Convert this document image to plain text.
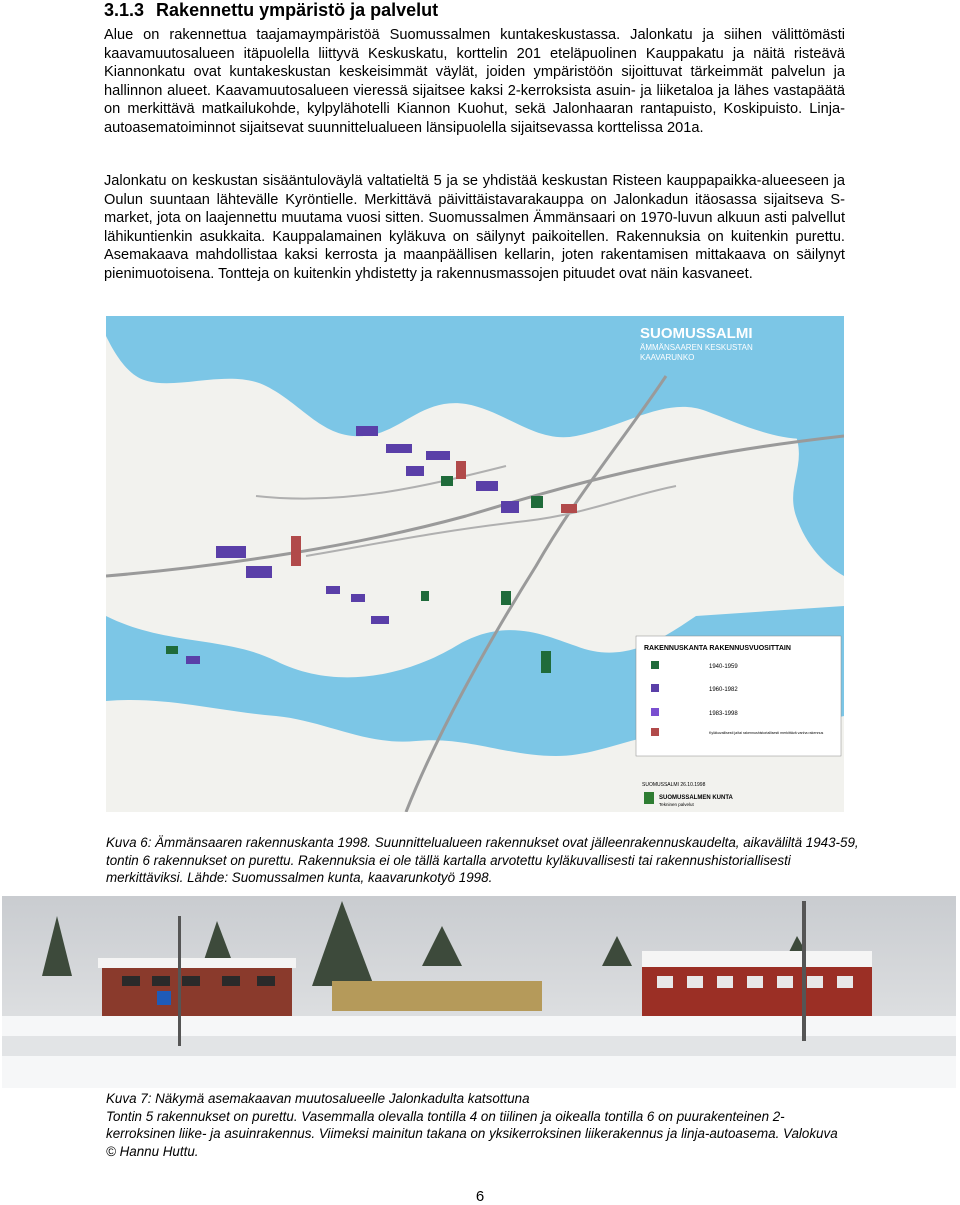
3.1.3 Rakennettu ympäristö ja palvelut

Alue on rakennettua taajamaympäristöä Suomussalmen kuntakeskustassa. Jalonkatu ja siihen välittömästi kaavamuutosalueen itäpuolella liittyvä Keskuskatu, korttelin 201 eteläpuolinen Kauppakatu ja näitä risteävä Kiannonkatu ovat kuntakeskustan keskeisimmät väylät, joiden ympäristöön sijoittuvat tärkeimmät palvelun ja hallinnon alueet. Kaavamuutosalueen vieressä sijaitsee kaksi 2-kerroksista asuin- ja liiketaloa jа lähes vastapäätä on merkittävä matkailukohde, kylpylähotelli Kiannon Kuohut, sekä Jalonhaaran rantapuisto, Koskipuisto. Linja-autoasematoiminnot sijaitsevat suunnittelualueen länsipuolella sijaitsevassa korttelissa 201a.

Jalonkatu on keskustan sisääntuloväylä valtatieltä 5 ja se yhdistää keskustan Risteen kauppapaikka-alueeseen ja Oulun suuntaan lähtevälle Kyröntielle. Merkittävä päivittäistavarakauppa on Jalonkadun itäosassa sijaitseva S-market, jota on laajennettu muutama vuosi sitten. Suomussalmen Ämmänsaari on 1970-luvun alkuun asti palvellut lähikuntienkin asukkaita. Kauppalamainen kyläkuva on säilynyt paikoitellen. Rakennuksia on kuitenkin purettu. Asemakaava mahdollistaa kaksi kerrosta ja maanpäällisen kellarin, joten rakentamisen mittakaava on säilynyt pienimuotoisena. Tontteja on kuitenkin yhdistetty ja rakennusmassojen pituudet ovat näin kasvaneet.

SUOMUSSALMI
ÄMMÄNSAAREN KESKUSTAN
KAAVARUNKO
RAKENNUSKANTA RAKENNUSVUOSITTAIN
1940-1959
1960-1982
1983-1998
Kyläkuvallisesti ja/tai rakennushistoriallisesti merkittävä vanha rakennus
SUOMUSSALMI 26.10.1998
SUOMUSSALMEN KUNTA
Tekninen palvelut

Kuva 6: Ämmänsaaren rakennuskanta 1998. Suunnittelualueen rakennukset ovat jälleenrakennuskaudelta, aikaväliltä 1943-59, tontin 6 rakennukset on purettu. Rakennuksia ei ole tällä kartalla arvotettu kyläkuvallisesti tai rakennushistoriallisesti merkittäviksi. Lähde: Suomussalmen kunta, kaavarunkotyö 1998.

Kuva 7: Näkymä asemakaavan muutosalueelle Jalonkadulta katsottuna
Tontin 5 rakennukset on purettu. Vasemmalla olevalla tontilla 4 on tiilinen ja oikealla tontilla 6 on puurakenteinen 2-kerroksinen liike- ja asuinrakennus. Viimeksi mainitun takana on yksikerroksinen liikerakennus ja linja-autoasema. Valokuva © Hannu Huttu.
6
